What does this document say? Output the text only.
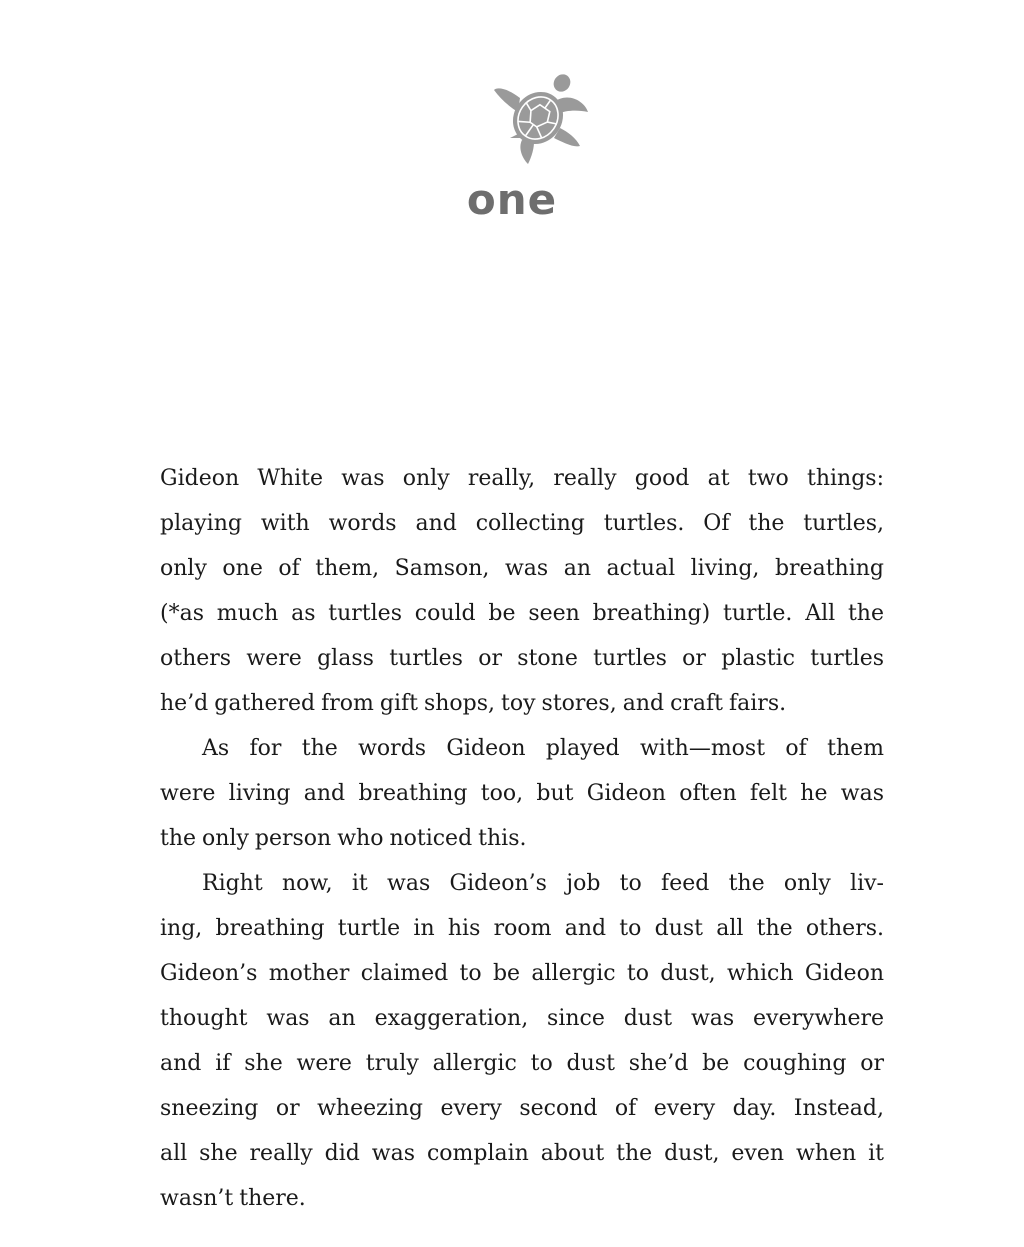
one

Gideon White was only really, really good at two things:
playing with words and collecting turtles. Of the turtles,
only one of them, Samson, was an actual living, breathing
(*as much as turtles could be seen breathing) turtle. All the
others were glass turtles or stone turtles or plastic turtles
he’d gathered from gift shops, toy stores, and craft fairs.

As for the words Gideon played with—most of them
were living and breathing too, but Gideon often felt he was
the only person who noticed this.

Right now, it was Gideon’s job to feed the only liv-
ing, breathing turtle in his room and to dust all the others.
Gideon’s mother claimed to be allergic to dust, which Gideon
thought was an exaggeration, since dust was everywhere
and if she were truly allergic to dust she’d be coughing or
sneezing or wheezing every second of every day. Instead,
all she really did was complain about the dust, even when it
wasn’t there.
